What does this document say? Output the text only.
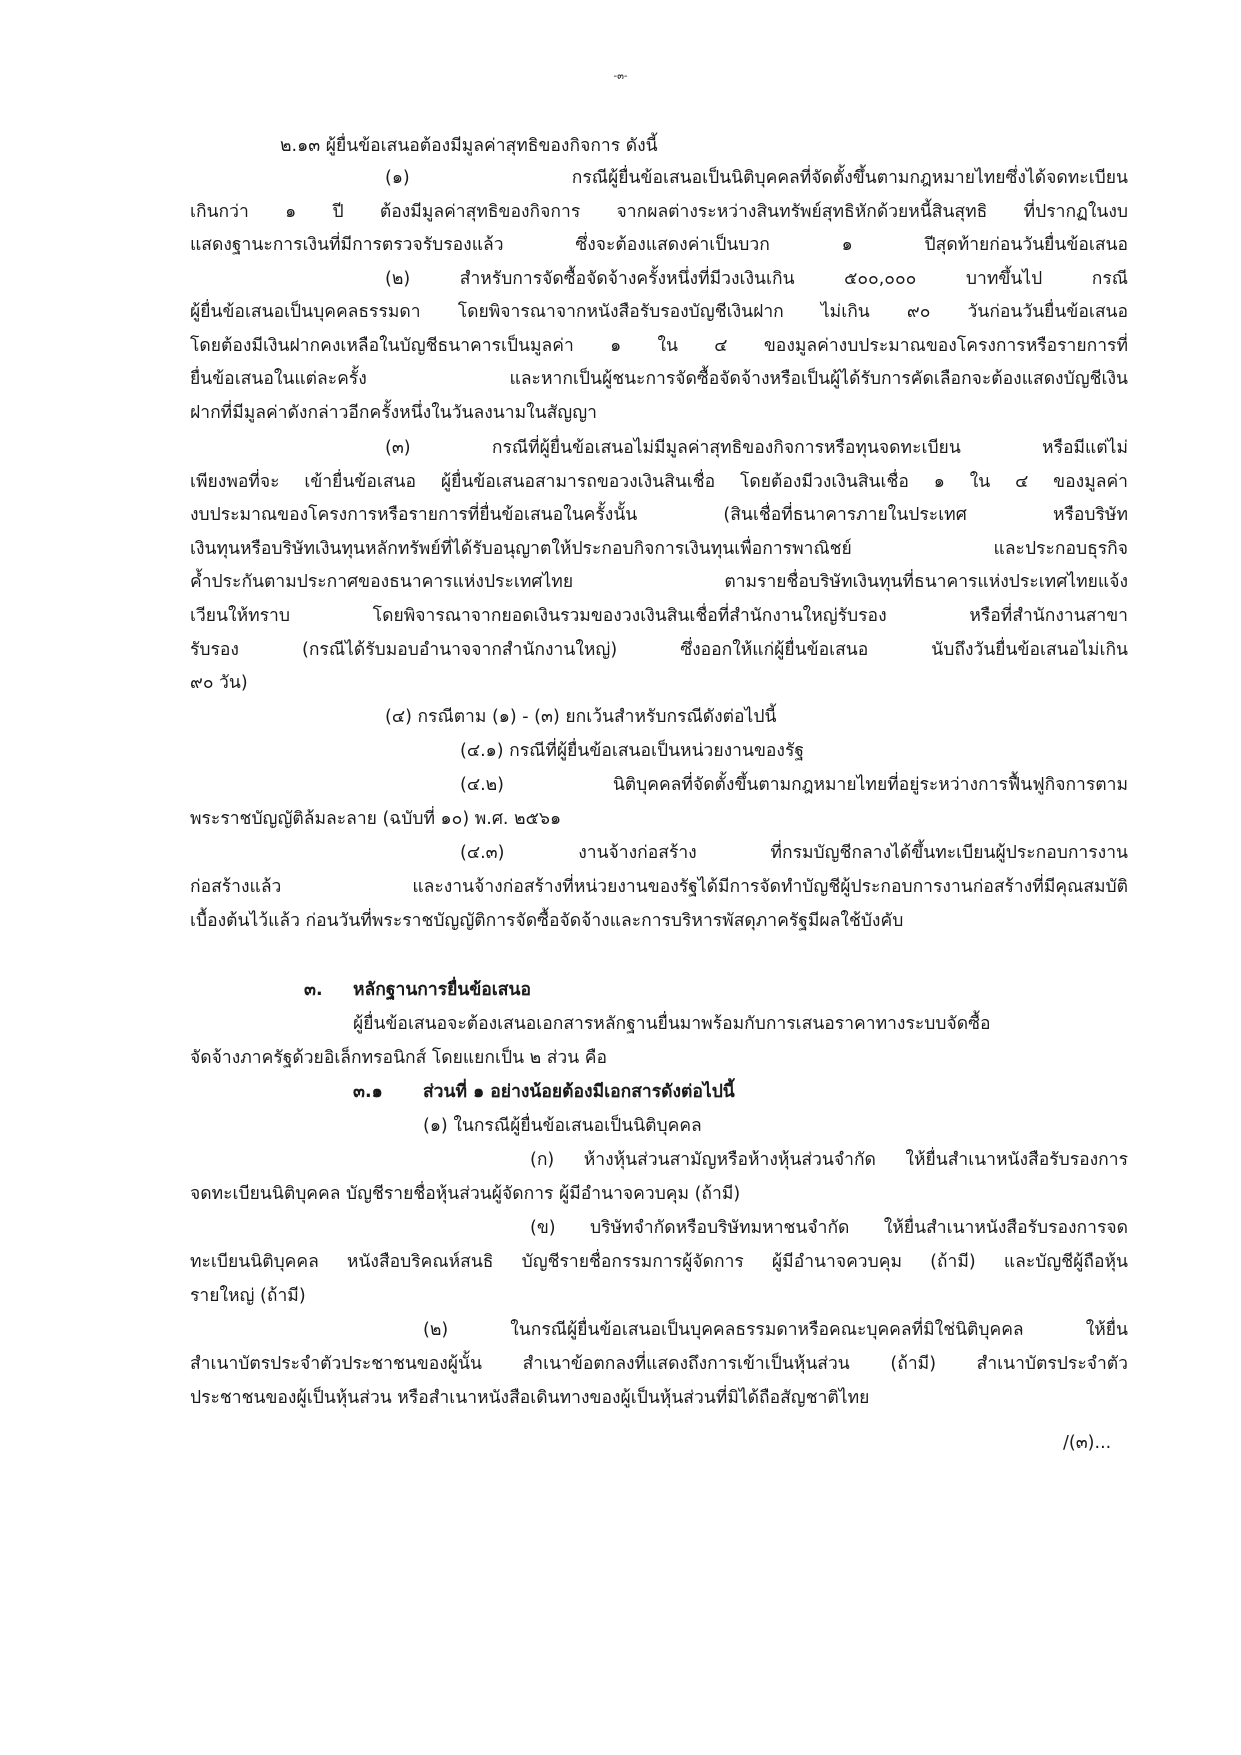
-๓-

๒.๑๓ ผู้ยื่นข้อเสนอต้องมีมูลค่าสุทธิของกิจการ ดังนี้

(๑) กรณีผู้ยื่นข้อเสนอเป็นนิติบุคคลที่จัดตั้งขึ้นตามกฎหมายไทยซึ่งได้จดทะเบียน

เกินกว่า ๑ ปี ต้องมีมูลค่าสุทธิของกิจการ จากผลต่างระหว่างสินทรัพย์สุทธิหักด้วยหนี้สินสุทธิ ที่ปรากฏในงบ

แสดงฐานะการเงินที่มีการตรวจรับรองแล้ว ซึ่งจะต้องแสดงค่าเป็นบวก ๑ ปีสุดท้ายก่อนวันยื่นข้อเสนอ

(๒) สำหรับการจัดซื้อจัดจ้างครั้งหนึ่งที่มีวงเงินเกิน ๕๐๐,๐๐๐ บาทขึ้นไป กรณี

ผู้ยื่นข้อเสนอเป็นบุคคลธรรมดา โดยพิจารณาจากหนังสือรับรองบัญชีเงินฝาก ไม่เกิน ๙๐ วันก่อนวันยื่นข้อเสนอ

โดยต้องมีเงินฝากคงเหลือในบัญชีธนาคารเป็นมูลค่า ๑ ใน ๔ ของมูลค่างบประมาณของโครงการหรือรายการที่

ยื่นข้อเสนอในแต่ละครั้ง และหากเป็นผู้ชนะการจัดซื้อจัดจ้างหรือเป็นผู้ได้รับการคัดเลือกจะต้องแสดงบัญชีเงิน

ฝากที่มีมูลค่าดังกล่าวอีกครั้งหนึ่งในวันลงนามในสัญญา

(๓) กรณีที่ผู้ยื่นข้อเสนอไม่มีมูลค่าสุทธิของกิจการหรือทุนจดทะเบียน หรือมีแต่ไม่

เพียงพอที่จะ เข้ายื่นข้อเสนอ ผู้ยื่นข้อเสนอสามารถขอวงเงินสินเชื่อ โดยต้องมีวงเงินสินเชื่อ ๑ ใน ๔ ของมูลค่า

งบประมาณของโครงการหรือรายการที่ยื่นข้อเสนอในครั้งนั้น (สินเชื่อที่ธนาคารภายในประเทศ หรือบริษัท

เงินทุนหรือบริษัทเงินทุนหลักทรัพย์ที่ได้รับอนุญาตให้ประกอบกิจการเงินทุนเพื่อการพาณิชย์ และประกอบธุรกิจ

ค้ำประกันตามประกาศของธนาคารแห่งประเทศไทย ตามรายชื่อบริษัทเงินทุนที่ธนาคารแห่งประเทศไทยแจ้ง

เวียนให้ทราบ โดยพิจารณาจากยอดเงินรวมของวงเงินสินเชื่อที่สำนักงานใหญ่รับรอง หรือที่สำนักงานสาขา

รับรอง (กรณีได้รับมอบอำนาจจากสำนักงานใหญ่) ซึ่งออกให้แก่ผู้ยื่นข้อเสนอ นับถึงวันยื่นข้อเสนอไม่เกิน

๙๐ วัน)

(๔) กรณีตาม (๑) - (๓) ยกเว้นสำหรับกรณีดังต่อไปนี้

(๔.๑) กรณีที่ผู้ยื่นข้อเสนอเป็นหน่วยงานของรัฐ

(๔.๒) นิติบุคคลที่จัดตั้งขึ้นตามกฎหมายไทยที่อยู่ระหว่างการฟื้นฟูกิจการตาม

พระราชบัญญัติล้มละลาย (ฉบับที่ ๑๐) พ.ศ. ๒๕๖๑

(๔.๓) งานจ้างก่อสร้าง ที่กรมบัญชีกลางได้ขึ้นทะเบียนผู้ประกอบการงาน

ก่อสร้างแล้ว และงานจ้างก่อสร้างที่หน่วยงานของรัฐได้มีการจัดทำบัญชีผู้ประกอบการงานก่อสร้างที่มีคุณสมบัติ

เบื้องต้นไว้แล้ว ก่อนวันที่พระราชบัญญัติการจัดซื้อจัดจ้างและการบริหารพัสดุภาครัฐมีผลใช้บังคับ

๓. หลักฐานการยื่นข้อเสนอ

ผู้ยื่นข้อเสนอจะต้องเสนอเอกสารหลักฐานยื่นมาพร้อมกับการเสนอราคาทางระบบจัดซื้อ

จัดจ้างภาครัฐด้วยอิเล็กทรอนิกส์ โดยแยกเป็น ๒ ส่วน คือ

๓.๑ ส่วนที่ ๑ อย่างน้อยต้องมีเอกสารดังต่อไปนี้

(๑) ในกรณีผู้ยื่นข้อเสนอเป็นนิติบุคคล

(ก) ห้างหุ้นส่วนสามัญหรือห้างหุ้นส่วนจำกัด ให้ยื่นสำเนาหนังสือรับรองการ

จดทะเบียนนิติบุคคล บัญชีรายชื่อหุ้นส่วนผู้จัดการ ผู้มีอำนาจควบคุม (ถ้ามี)

(ข) บริษัทจำกัดหรือบริษัทมหาชนจำกัด ให้ยื่นสำเนาหนังสือรับรองการจด

ทะเบียนนิติบุคคล หนังสือบริคณห์สนธิ บัญชีรายชื่อกรรมการผู้จัดการ ผู้มีอำนาจควบคุม (ถ้ามี) และบัญชีผู้ถือหุ้น

รายใหญ่ (ถ้ามี)

(๒) ในกรณีผู้ยื่นข้อเสนอเป็นบุคคลธรรมดาหรือคณะบุคคลที่มิใช่นิติบุคคล ให้ยื่น

สำเนาบัตรประจำตัวประชาชนของผู้นั้น สำเนาข้อตกลงที่แสดงถึงการเข้าเป็นหุ้นส่วน (ถ้ามี) สำเนาบัตรประจำตัว

ประชาชนของผู้เป็นหุ้นส่วน หรือสำเนาหนังสือเดินทางของผู้เป็นหุ้นส่วนที่มิได้ถือสัญชาติไทย

/(๓)...
